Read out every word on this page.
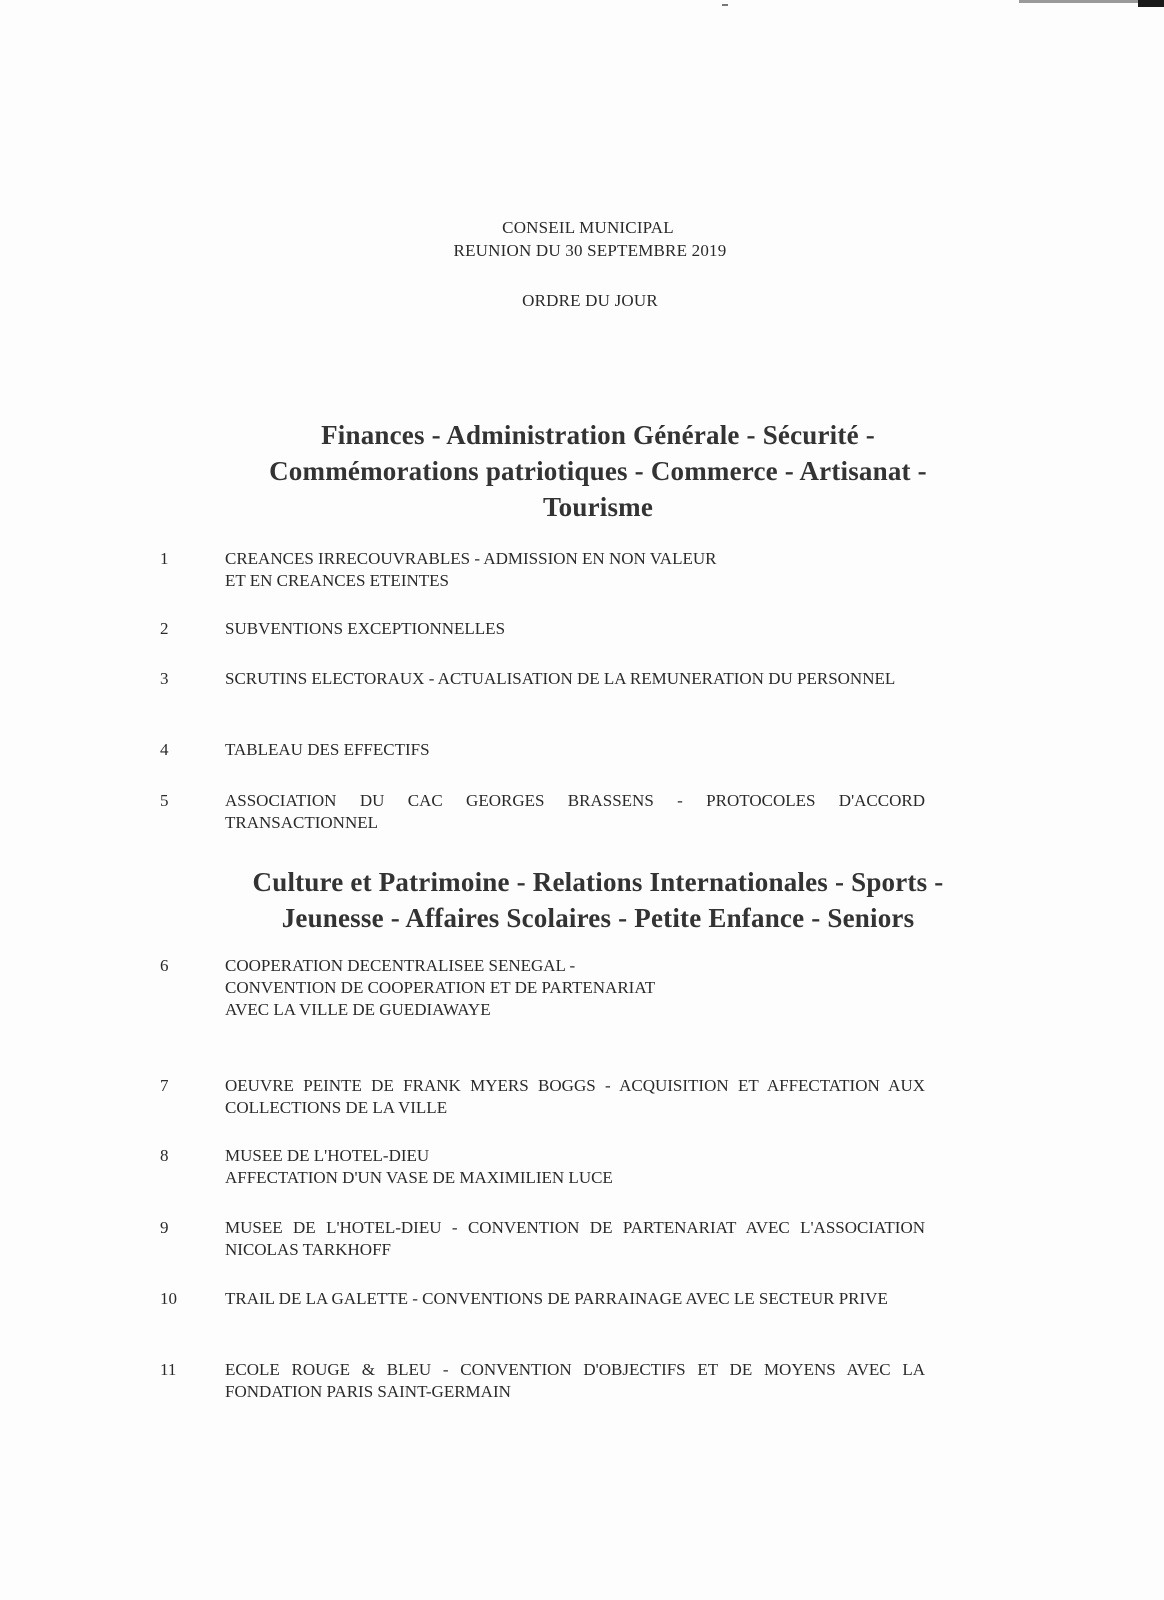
CONSEIL MUNICIPAL
REUNION DU 30 SEPTEMBRE 2019
ORDRE DU JOUR
Finances - Administration Générale - Sécurité -
Commémorations patriotiques - Commerce - Artisanat -
Tourisme
1	CREANCES IRRECOUVRABLES - ADMISSION EN NON VALEUR
ET EN CREANCES ETEINTES
2	SUBVENTIONS EXCEPTIONNELLES
3	SCRUTINS ELECTORAUX - ACTUALISATION DE LA REMUNERATION DU PERSONNEL
4	TABLEAU DES EFFECTIFS
5	ASSOCIATION DU CAC GEORGES BRASSENS - PROTOCOLES D'ACCORD TRANSACTIONNEL
Culture et Patrimoine - Relations Internationales - Sports -
Jeunesse - Affaires Scolaires - Petite Enfance - Seniors
6	COOPERATION DECENTRALISEE SENEGAL -
CONVENTION DE COOPERATION ET DE PARTENARIAT
AVEC LA VILLE DE GUEDIAWAYE
7	OEUVRE PEINTE DE FRANK MYERS BOGGS - ACQUISITION ET AFFECTATION AUX COLLECTIONS DE LA VILLE
8	MUSEE DE L'HOTEL-DIEU
AFFECTATION D'UN VASE DE MAXIMILIEN LUCE
9	MUSEE DE L'HOTEL-DIEU - CONVENTION DE PARTENARIAT AVEC L'ASSOCIATION NICOLAS TARKHOFF
10	TRAIL DE LA GALETTE - CONVENTIONS DE PARRAINAGE AVEC LE SECTEUR PRIVE
11	ECOLE ROUGE & BLEU - CONVENTION D'OBJECTIFS ET DE MOYENS AVEC LA FONDATION PARIS SAINT-GERMAIN
